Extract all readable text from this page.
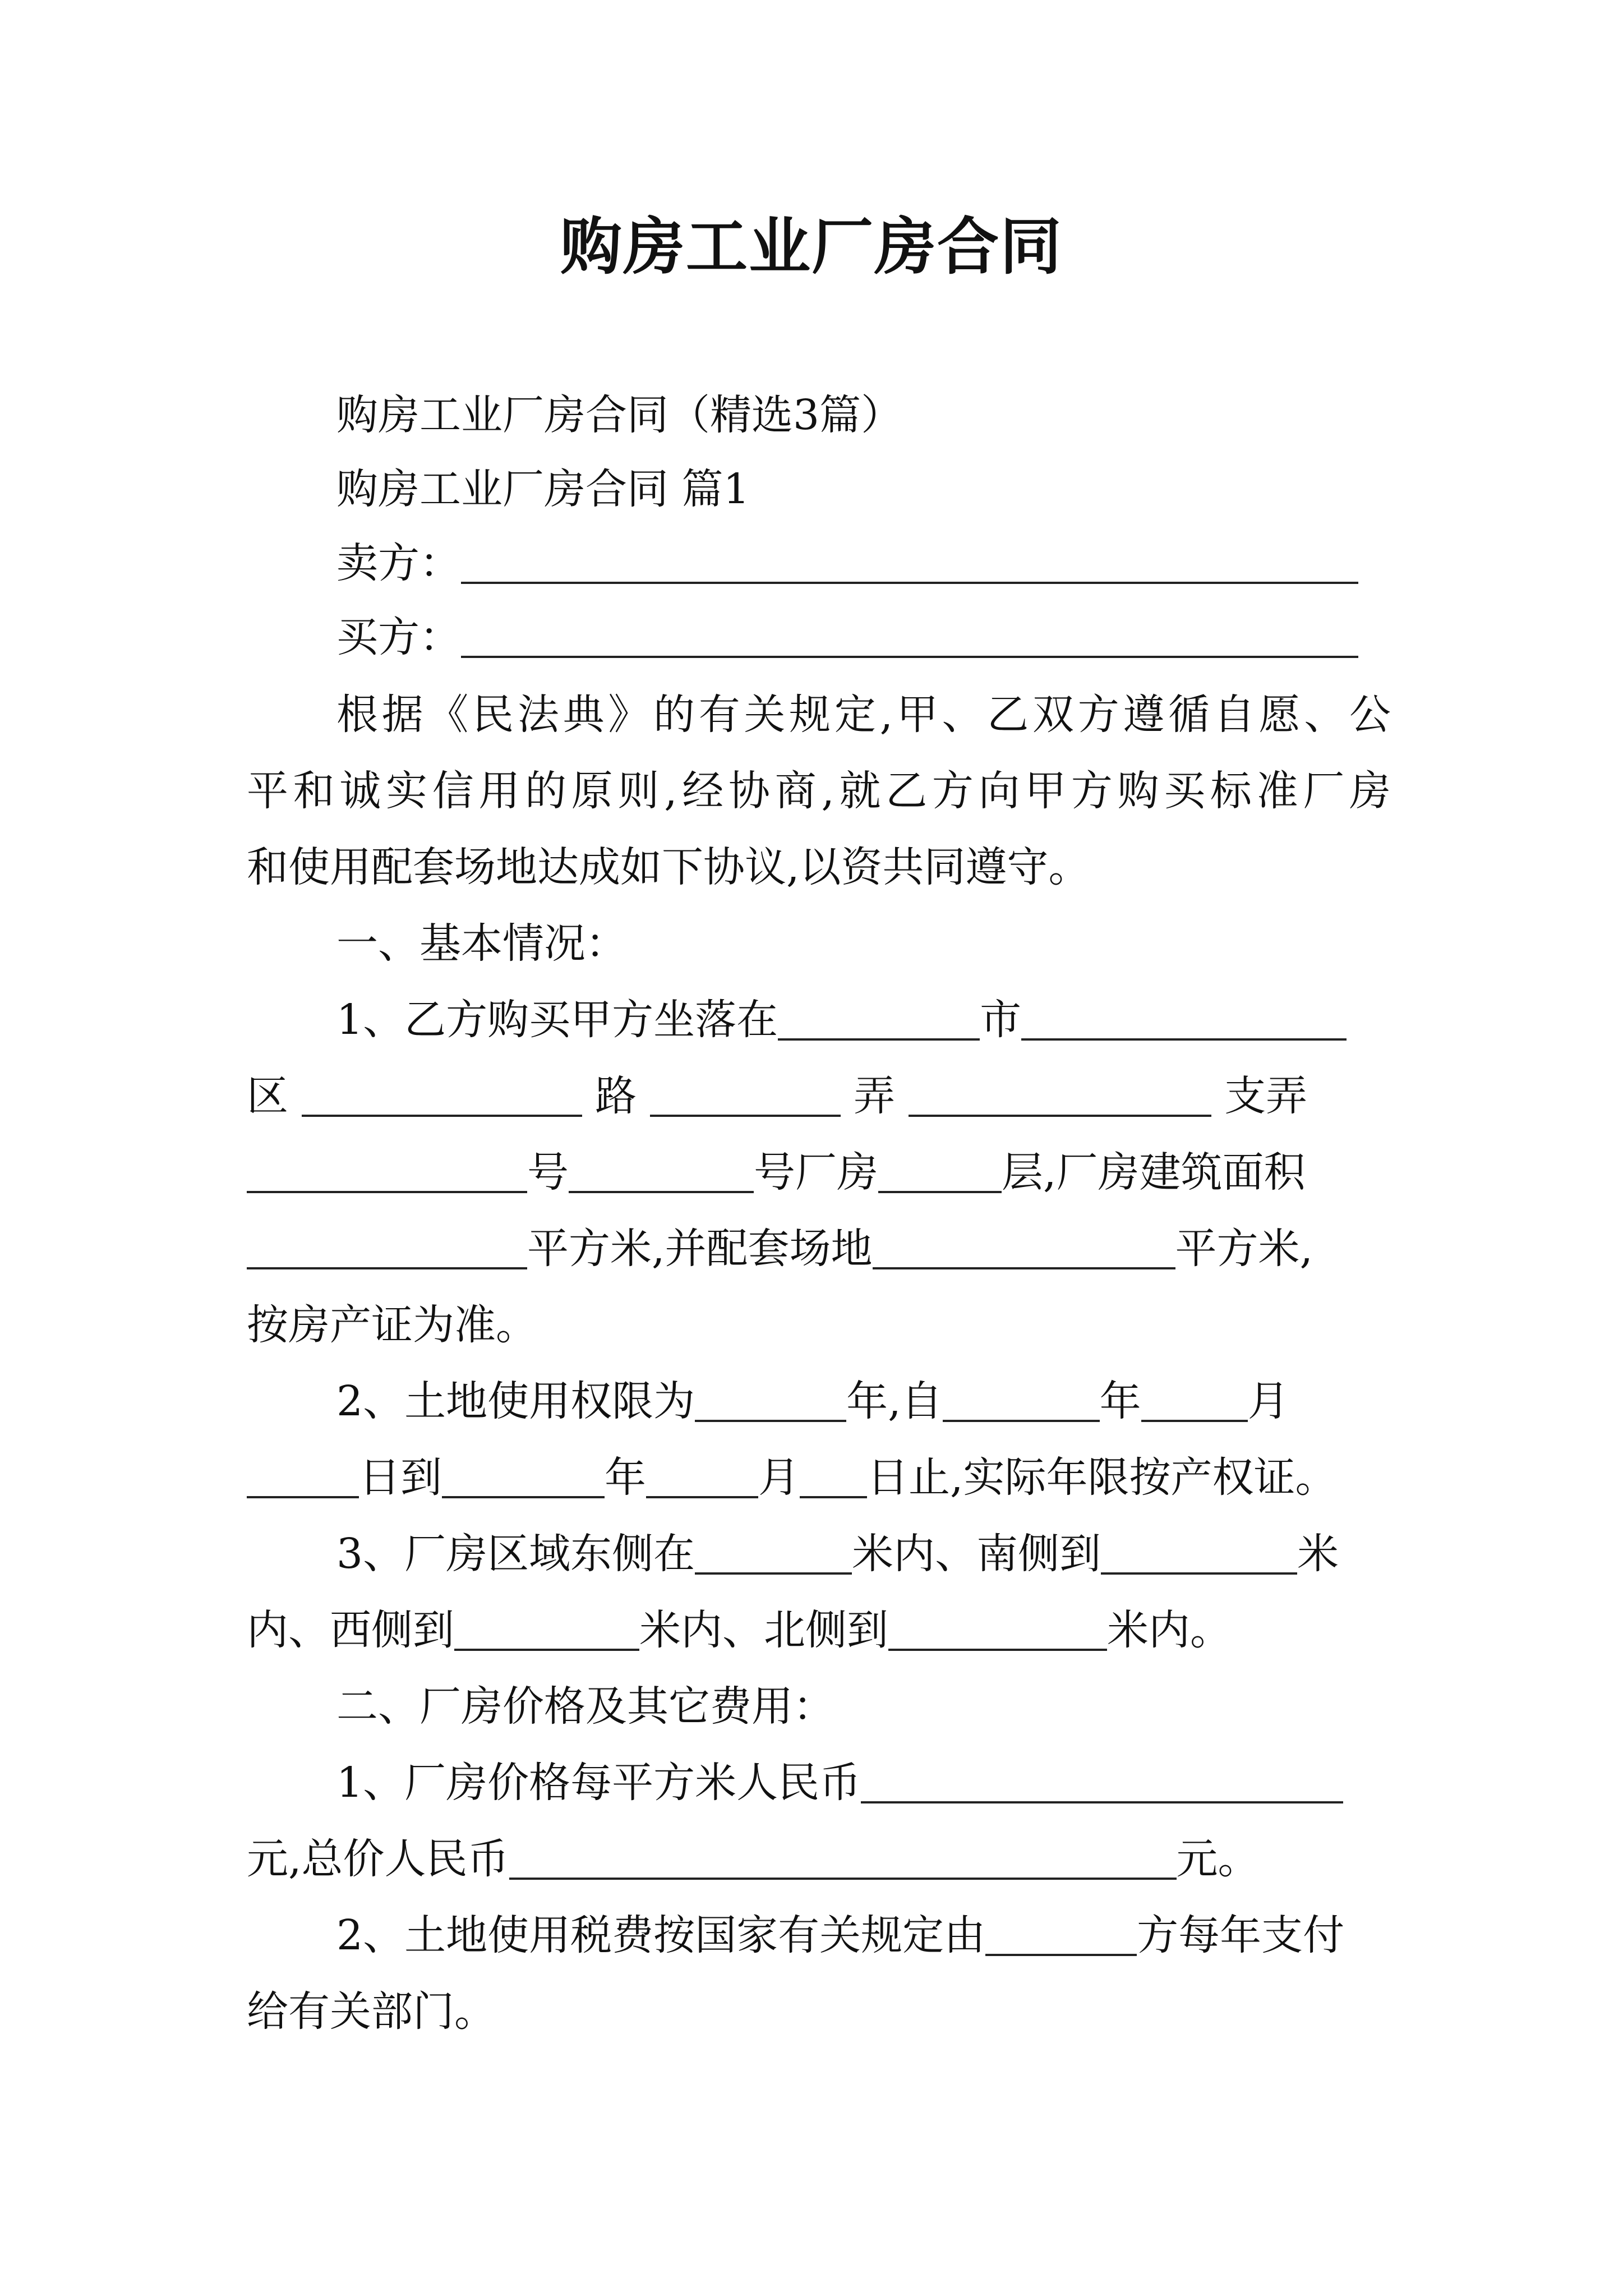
购房工业厂房合同
购房工业厂房合同（精选3篇）
购房工业厂房合同 篇1
卖方：
买方：
根据《民法典》的有关规定,甲、乙双方遵循自愿、公
平和诚实信用的原则,经协商,就乙方向甲方购买标准厂房
和使用配套场地达成如下协议,以资共同遵守。
一、基本情况：
1、乙方购买甲方坐落在	市
区	路	弄	支弄
号	号厂房	层,厂房建筑面积
平方米,并配套场地	平方米,
按房产证为准。
2、土地使用权限为	年,自	年	月
日到	年	月 日止,实际年限按产权证。
3、厂房区域东侧在	米内、南侧到	米
内、西侧到	米内、北侧到	米内。
二、厂房价格及其它费用：
1、厂房价格每平方米人民币
元,总价人民币	元。
2、土地使用税费按国家有关规定由	方每年支付
给有关部门。
